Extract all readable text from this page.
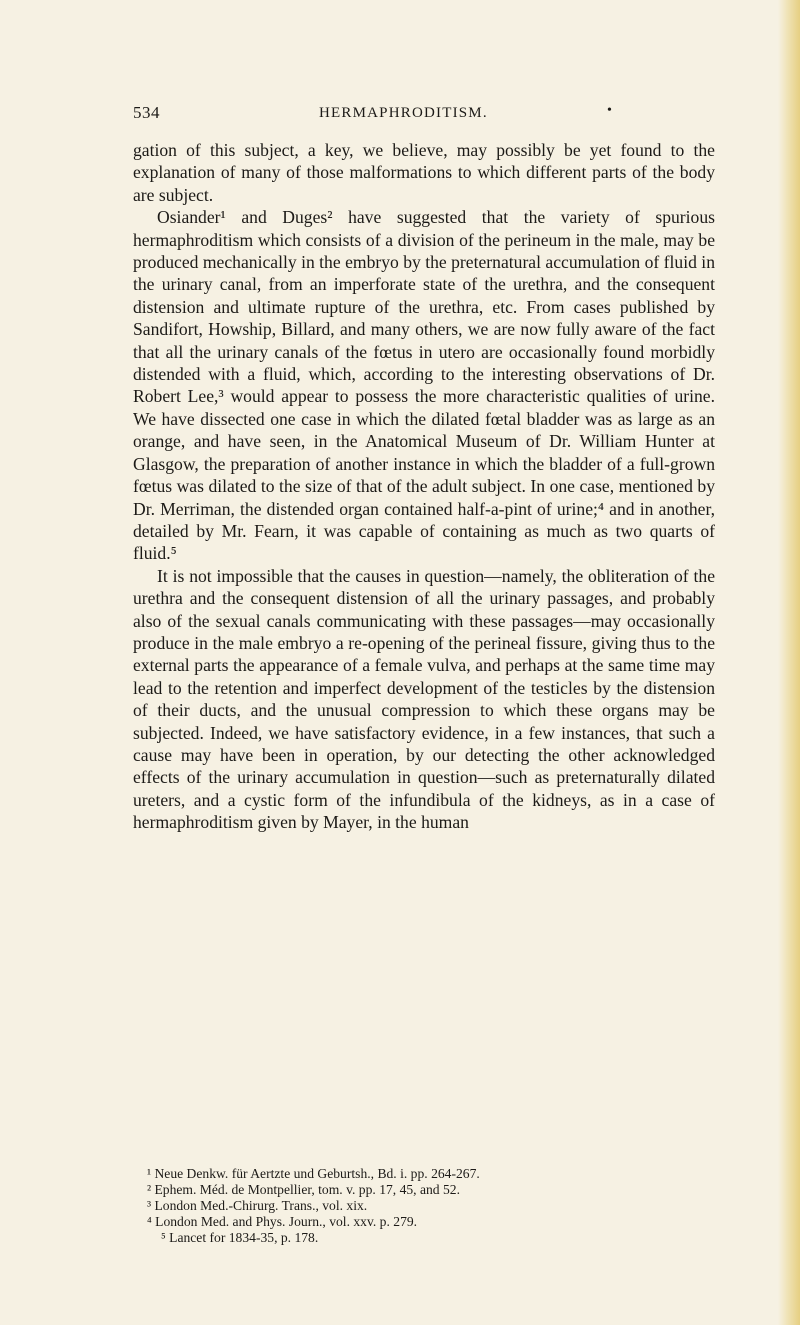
534	HERMAPHRODITISM.	•

gation of this subject, a key, we believe, may possibly be yet found to the explanation of many of those malformations to which different parts of the body are subject.

Osiander¹ and Duges² have suggested that the variety of spurious hermaphroditism which consists of a division of the perineum in the male, may be produced mechanically in the embryo by the preternatural accumulation of fluid in the urinary canal, from an imperforate state of the urethra, and the consequent distension and ultimate rupture of the urethra, etc. From cases published by Sandifort, Howship, Billard, and many others, we are now fully aware of the fact that all the urinary canals of the fœtus in utero are occasionally found morbidly distended with a fluid, which, according to the interesting observations of Dr. Robert Lee,³ would appear to possess the more characteristic qualities of urine. We have dissected one case in which the dilated fœtal bladder was as large as an orange, and have seen, in the Anatomical Museum of Dr. William Hunter at Glasgow, the preparation of another instance in which the bladder of a full-grown fœtus was dilated to the size of that of the adult subject. In one case, mentioned by Dr. Merriman, the distended organ contained half-a-pint of urine;⁴ and in another, detailed by Mr. Fearn, it was capable of containing as much as two quarts of fluid.⁵

It is not impossible that the causes in question—namely, the obliteration of the urethra and the consequent distension of all the urinary passages, and probably also of the sexual canals communicating with these passages—may occasionally produce in the male embryo a re-opening of the perineal fissure, giving thus to the external parts the appearance of a female vulva, and perhaps at the same time may lead to the retention and imperfect development of the testicles by the distension of their ducts, and the unusual compression to which these organs may be subjected. Indeed, we have satisfactory evidence, in a few instances, that such a cause may have been in operation, by our detecting the other acknowledged effects of the urinary accumulation in question—such as preternaturally dilated ureters, and a cystic form of the infundibula of the kidneys, as in a case of hermaphroditism given by Mayer, in the human

¹ Neue Denkw. für Aertzte und Geburtsh., Bd. i. pp. 264-267.
² Ephem. Méd. de Montpellier, tom. v. pp. 17, 45, and 52.
³ London Med.-Chirurg. Trans., vol. xix.
⁴ London Med. and Phys. Journ., vol. xxv. p. 279.
⁵ Lancet for 1834-35, p. 178.
